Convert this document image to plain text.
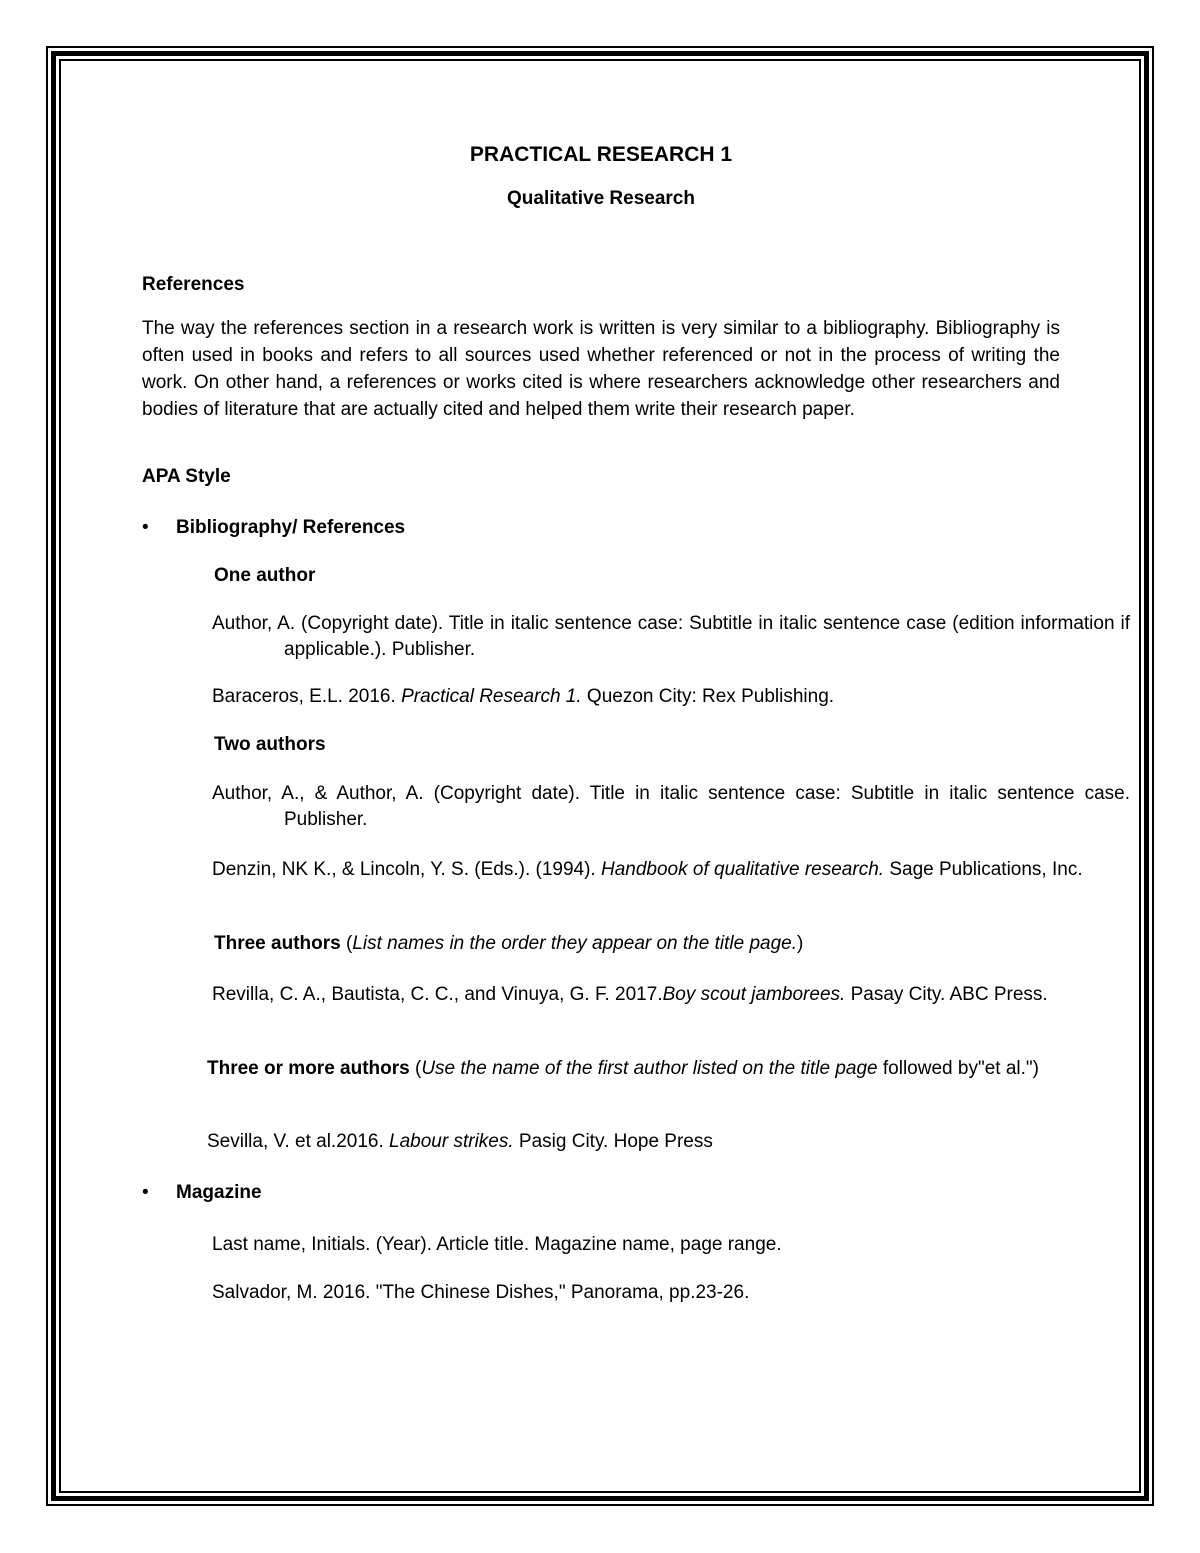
PRACTICAL RESEARCH 1
Qualitative Research
References

The way the references section in a research work is written is very similar to a bibliography. Bibliography is often used in books and refers to all sources used whether referenced or not in the process of writing the work. On other hand, a references or works cited is where researchers acknowledge other researchers and bodies of literature that are actually cited and helped them write their research paper.

APA Style
• Bibliography/ References
One author
Author, A. (Copyright date). Title in italic sentence case: Subtitle in italic sentence case (edition information if applicable.). Publisher.
Baraceros, E.L. 2016. Practical Research 1. Quezon City: Rex Publishing.
Two authors
Author, A., & Author, A. (Copyright date). Title in italic sentence case: Subtitle in italic sentence case. Publisher.
Denzin, NK K., & Lincoln, Y. S. (Eds.). (1994). Handbook of qualitative research. Sage Publications, Inc.
Three authors (List names in the order they appear on the title page.)
Revilla, C. A., Bautista, C. C., and Vinuya, G. F. 2017.Boy scout jamborees. Pasay City. ABC Press.
Three or more authors (Use the name of the first author listed on the title page followed by"et al.")
Sevilla, V. et al.2016. Labour strikes. Pasig City. Hope Press
• Magazine
Last name, Initials. (Year). Article title. Magazine name, page range.
Salvador, M. 2016. "The Chinese Dishes," Panorama, pp.23-26.
